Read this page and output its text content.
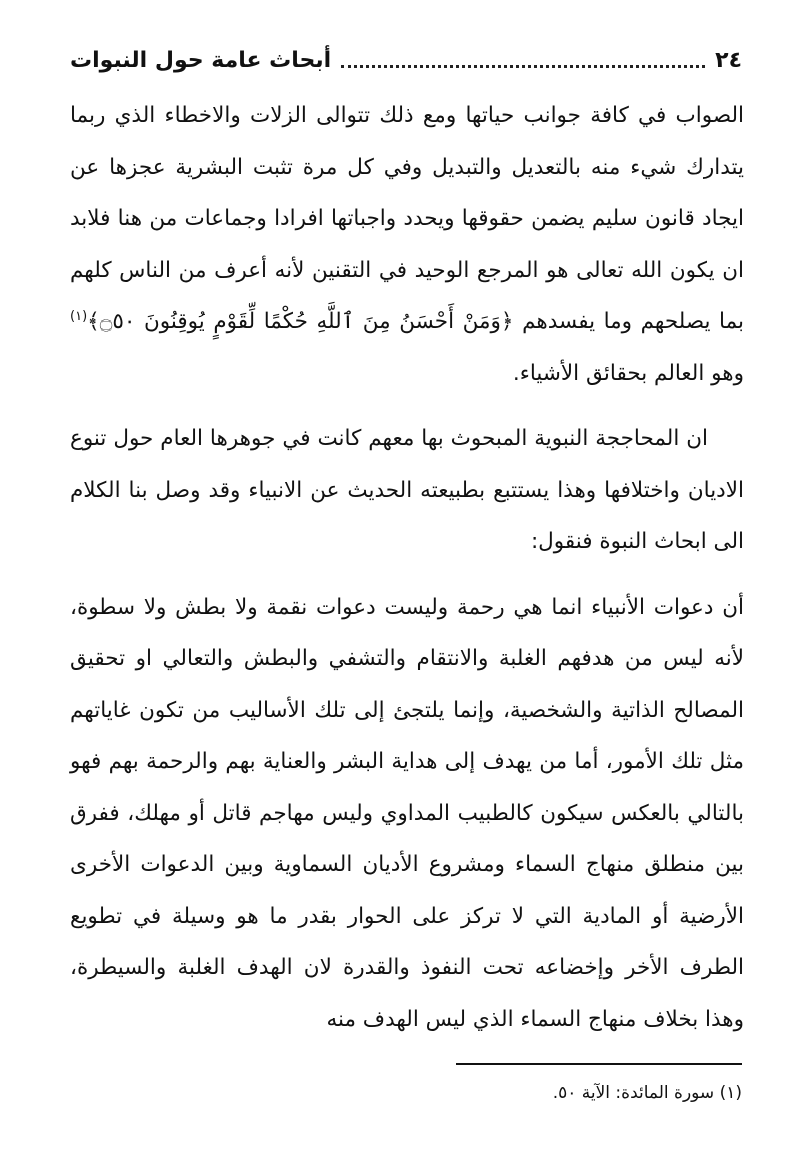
٢٤
أبحاث عامة حول النبوات

الصواب في كافة جوانب حياتها ومع ذلك تتوالى الزلات والاخطاء الذي ربما يتدارك شيء منه بالتعديل والتبديل وفي كل مرة تثبت البشرية عجزها عن ايجاد قانون سليم يضمن حقوقها ويحدد واجباتها افرادا وجماعات من هنا فلابد ان يكون الله تعالى هو المرجع الوحيد في التقنين لأنه أعرف من الناس كلهم بما يصلحهم وما يفسدهم ﴿وَمَنْ أَحْسَنُ مِنَ ٱللَّهِ حُكْمًا لِّقَوْمٍ يُوقِنُونَ ۝٥٠﴾$^{(١)}$ وهو العالم بحقائق الأشياء.

ان المحاججة النبوية المبحوث بها معهم كانت في جوهرها العام حول تنوع الاديان واختلافها وهذا يستتبع بطبيعته الحديث عن الانبياء وقد وصل بنا الكلام الى ابحاث النبوة فنقول:

أن دعوات الأنبياء انما هي رحمة وليست دعوات نقمة ولا بطش ولا سطوة، لأنه ليس من هدفهم الغلبة والانتقام والتشفي والبطش والتعالي او تحقيق المصالح الذاتية والشخصية، وإنما يلتجئ إلى تلك الأساليب من تكون غاياتهم مثل تلك الأمور، أما من يهدف إلى هداية البشر والعناية بهم والرحمة بهم فهو بالتالي بالعكس سيكون كالطبيب المداوي وليس مهاجم قاتل أو مهلك، ففرق بين منطلق منهاج السماء ومشروع الأديان السماوية وبين الدعوات الأخرى الأرضية أو المادية التي لا تركز على الحوار بقدر ما هو وسيلة في تطويع الطرف الأخر وإخضاعه تحت النفوذ والقدرة لان الهدف الغلبة والسيطرة، وهذا بخلاف منهاج السماء الذي ليس الهدف منه

(١) سورة المائدة: الآية ٥٠.
